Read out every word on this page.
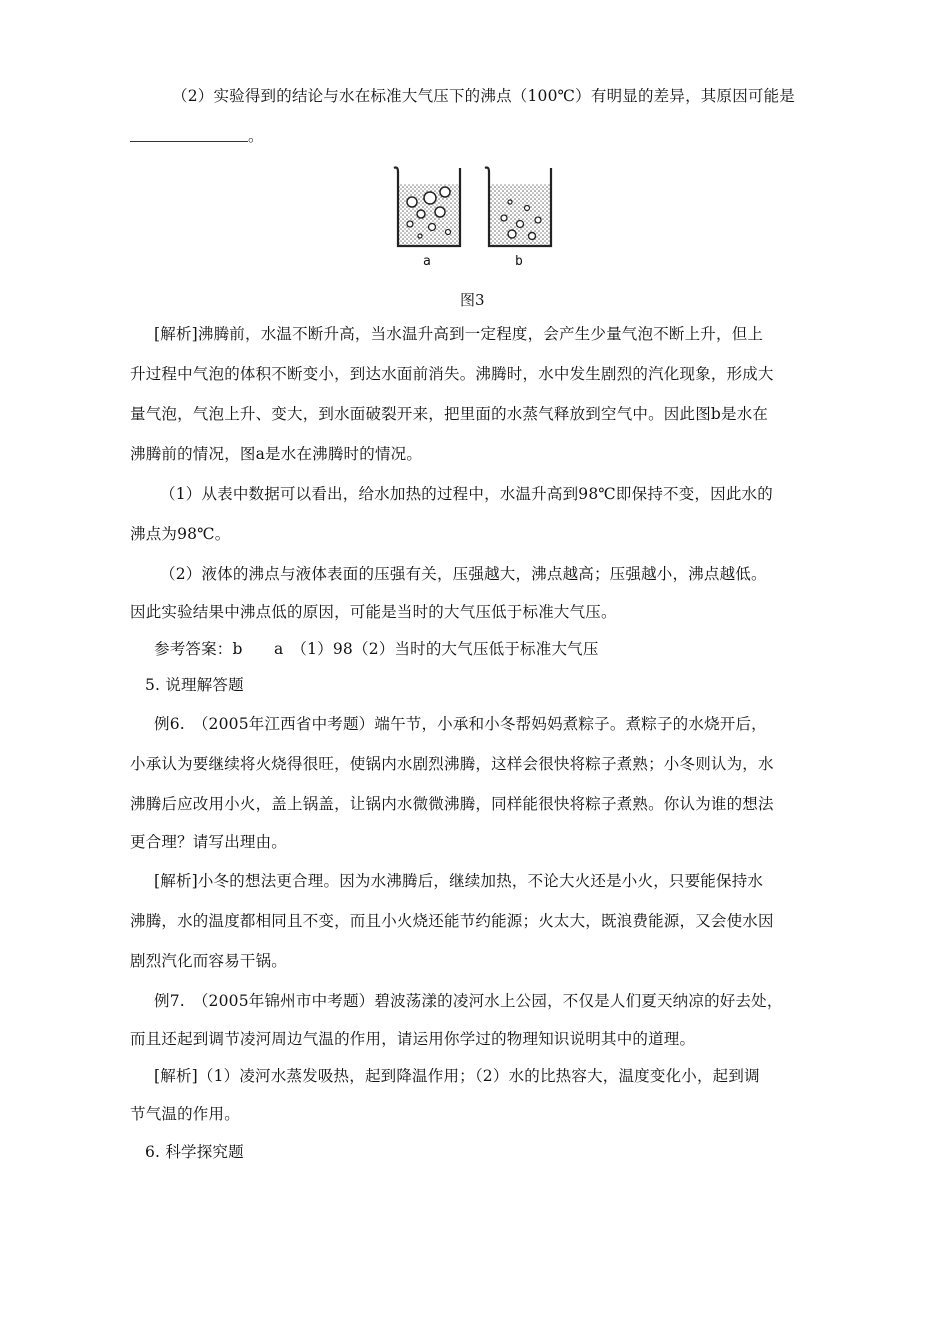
（2）实验得到的结论与水在标准大气压下的沸点（100℃）有明显的差异，其原因可能是
。
a	b
图3
[解析]沸腾前，水温不断升高，当水温升高到一定程度，会产生少量气泡不断上升，但上
升过程中气泡的体积不断变小，到达水面前消失。沸腾时，水中发生剧烈的汽化现象，形成大
量气泡，气泡上升、变大，到水面破裂开来，把里面的水蒸气释放到空气中。因此图b是水在
沸腾前的情况，图a是水在沸腾时的情况。
（1）从表中数据可以看出，给水加热的过程中，水温升高到98℃即保持不变，因此水的
沸点为98℃。
（2）液体的沸点与液体表面的压强有关，压强越大，沸点越高；压强越小，沸点越低。
因此实验结果中沸点低的原因，可能是当时的大气压低于标准大气压。
参考答案：b　　a　（1）98（2）当时的大气压低于标准大气压
5. 说理解答题
例6.　（2005年江西省中考题）端午节，小承和小冬帮妈妈煮粽子。煮粽子的水烧开后，
小承认为要继续将火烧得很旺，使锅内水剧烈沸腾，这样会很快将粽子煮熟；小冬则认为，水
沸腾后应改用小火，盖上锅盖，让锅内水微微沸腾，同样能很快将粽子煮熟。你认为谁的想法
更合理？请写出理由。
[解析]小冬的想法更合理。因为水沸腾后，继续加热，不论大火还是小火，只要能保持水
沸腾，水的温度都相同且不变，而且小火烧还能节约能源；火太大，既浪费能源，又会使水因
剧烈汽化而容易干锅。
例7.　（2005年锦州市中考题）碧波荡漾的凌河水上公园，不仅是人们夏天纳凉的好去处，
而且还起到调节凌河周边气温的作用，请运用你学过的物理知识说明其中的道理。
[解析]（1）凌河水蒸发吸热，起到降温作用；（2）水的比热容大，温度变化小，起到调
节气温的作用。
6. 科学探究题
